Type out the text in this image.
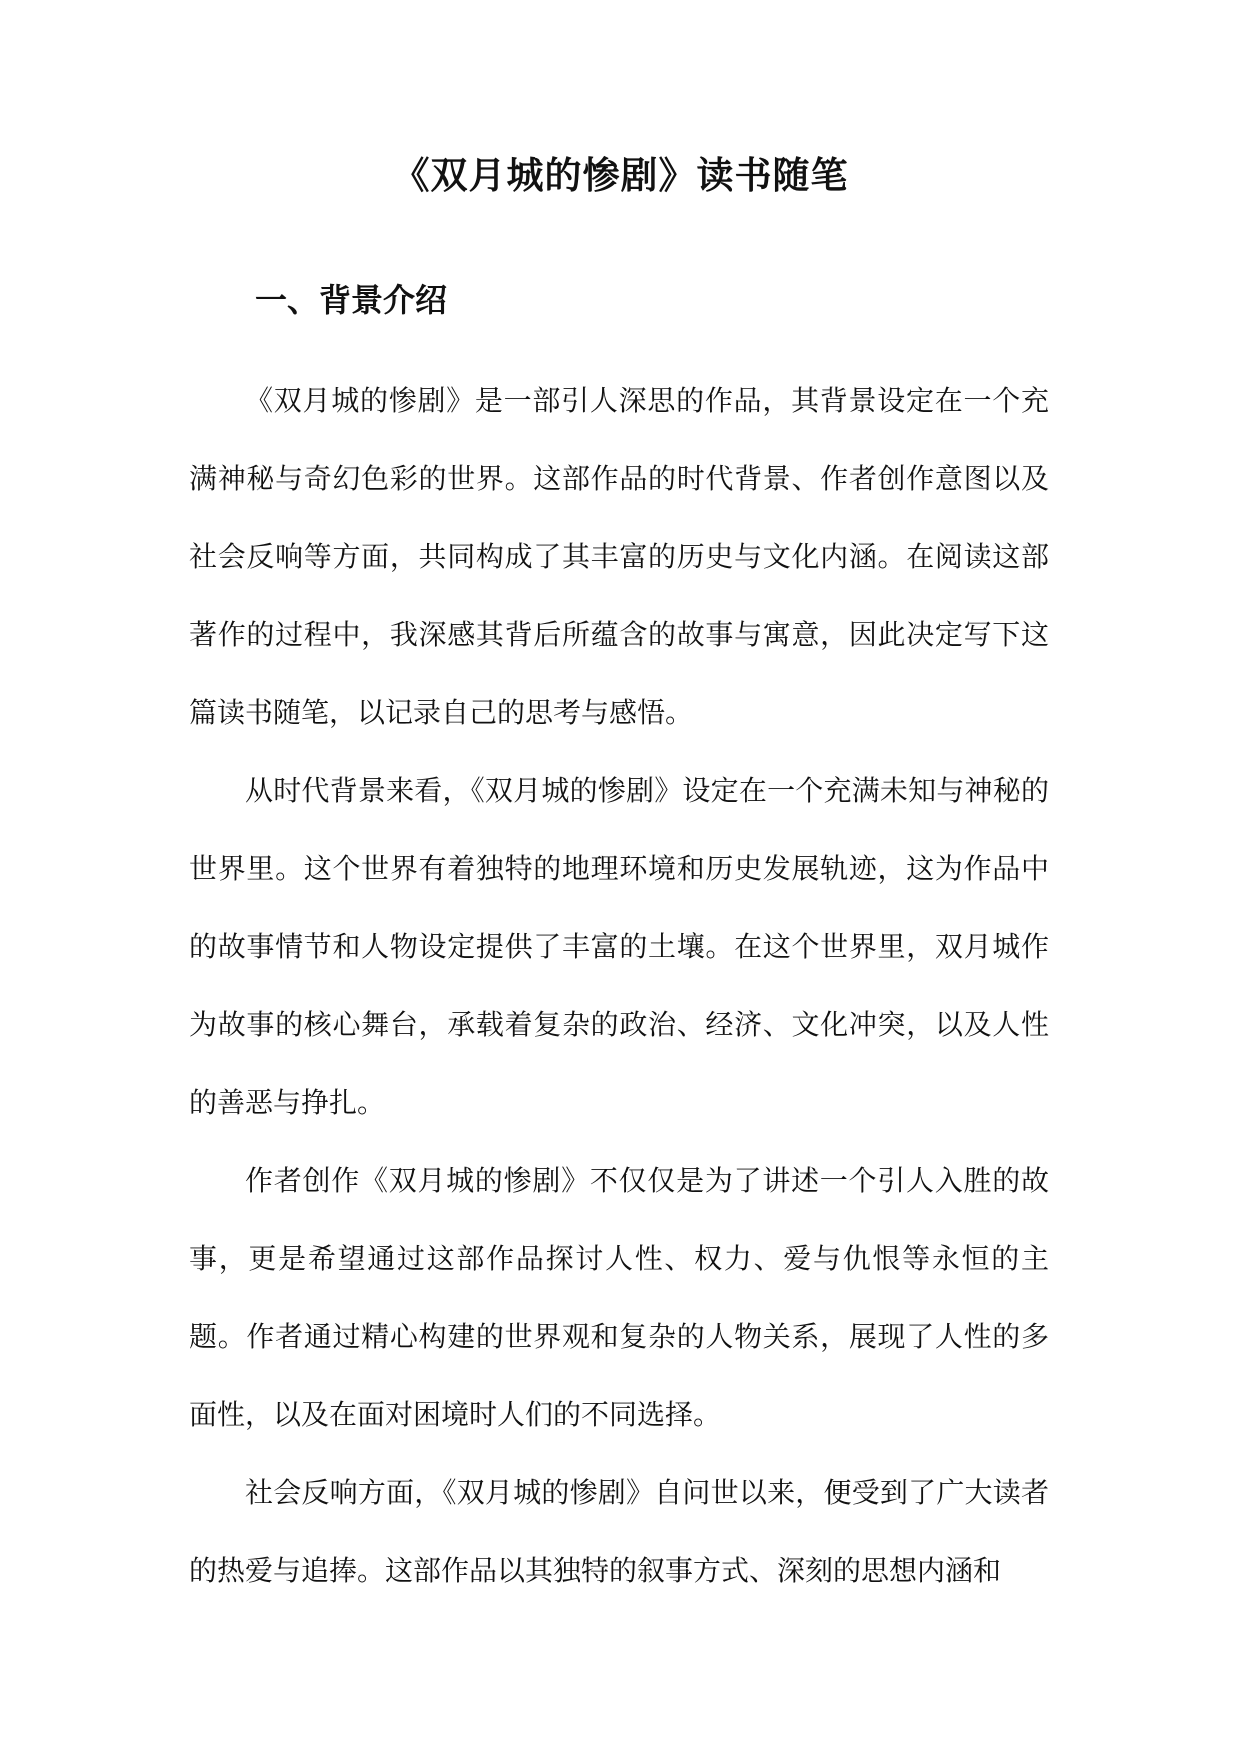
《双月城的惨剧》读书随笔
一、背景介绍

《双月城的惨剧》是一部引人深思的作品，其背景设定在一个充满神秘与奇幻色彩的世界。这部作品的时代背景、作者创作意图以及社会反响等方面，共同构成了其丰富的历史与文化内涵。在阅读这部著作的过程中，我深感其背后所蕴含的故事与寓意，因此决定写下这篇读书随笔，以记录自己的思考与感悟。

从时代背景来看，《双月城的惨剧》设定在一个充满未知与神秘的世界里。这个世界有着独特的地理环境和历史发展轨迹，这为作品中的故事情节和人物设定提供了丰富的土壤。在这个世界里，双月城作为故事的核心舞台，承载着复杂的政治、经济、文化冲突，以及人性的善恶与挣扎。

作者创作《双月城的惨剧》不仅仅是为了讲述一个引人入胜的故事，更是希望通过这部作品探讨人性、权力、爱与仇恨等永恒的主题。作者通过精心构建的世界观和复杂的人物关系，展现了人性的多面性，以及在面对困境时人们的不同选择。

社会反响方面，《双月城的惨剧》自问世以来，便受到了广大读者的热爱与追捧。这部作品以其独特的叙事方式、深刻的思想内涵和
